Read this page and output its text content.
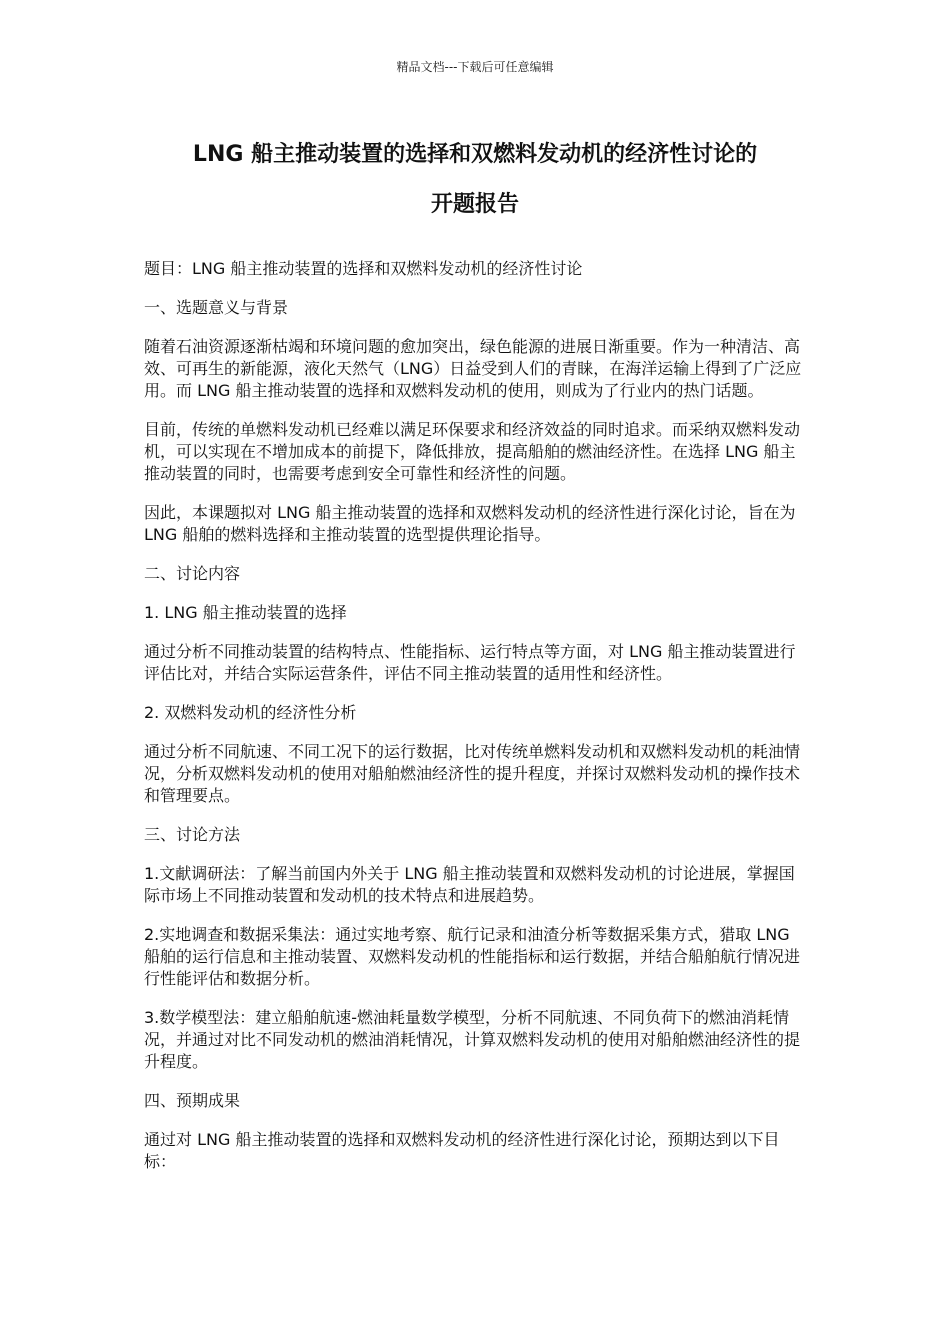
精品文档---下载后可任意编辑
LNG 船主推动装置的选择和双燃料发动机的经济性讨论的
开题报告

题目：LNG 船主推动装置的选择和双燃料发动机的经济性讨论

一、选题意义与背景

随着石油资源逐渐枯竭和环境问题的愈加突出，绿色能源的进展日渐重要。作为一种清洁、高效、可再生的新能源，液化天然气（LNG）日益受到人们的青睐，在海洋运输上得到了广泛应用。而 LNG 船主推动装置的选择和双燃料发动机的使用，则成为了行业内的热门话题。

目前，传统的单燃料发动机已经难以满足环保要求和经济效益的同时追求。而采纳双燃料发动机，可以实现在不增加成本的前提下，降低排放，提高船舶的燃油经济性。在选择 LNG 船主推动装置的同时，也需要考虑到安全可靠性和经济性的问题。

因此，本课题拟对 LNG 船主推动装置的选择和双燃料发动机的经济性进行深化讨论，旨在为 LNG 船舶的燃料选择和主推动装置的选型提供理论指导。

二、讨论内容

1. LNG 船主推动装置的选择

通过分析不同推动装置的结构特点、性能指标、运行特点等方面，对 LNG 船主推动装置进行评估比对，并结合实际运营条件，评估不同主推动装置的适用性和经济性。

2. 双燃料发动机的经济性分析

通过分析不同航速、不同工况下的运行数据，比对传统单燃料发动机和双燃料发动机的耗油情况，分析双燃料发动机的使用对船舶燃油经济性的提升程度，并探讨双燃料发动机的操作技术和管理要点。

三、讨论方法

1.文献调研法：了解当前国内外关于 LNG 船主推动装置和双燃料发动机的讨论进展，掌握国际市场上不同推动装置和发动机的技术特点和进展趋势。

2.实地调查和数据采集法：通过实地考察、航行记录和油渣分析等数据采集方式，猎取 LNG 船舶的运行信息和主推动装置、双燃料发动机的性能指标和运行数据，并结合船舶航行情况进行性能评估和数据分析。

3.数学模型法：建立船舶航速-燃油耗量数学模型，分析不同航速、不同负荷下的燃油消耗情况，并通过对比不同发动机的燃油消耗情况，计算双燃料发动机的使用对船舶燃油经济性的提升程度。

四、预期成果

通过对 LNG 船主推动装置的选择和双燃料发动机的经济性进行深化讨论，预期达到以下目标：
